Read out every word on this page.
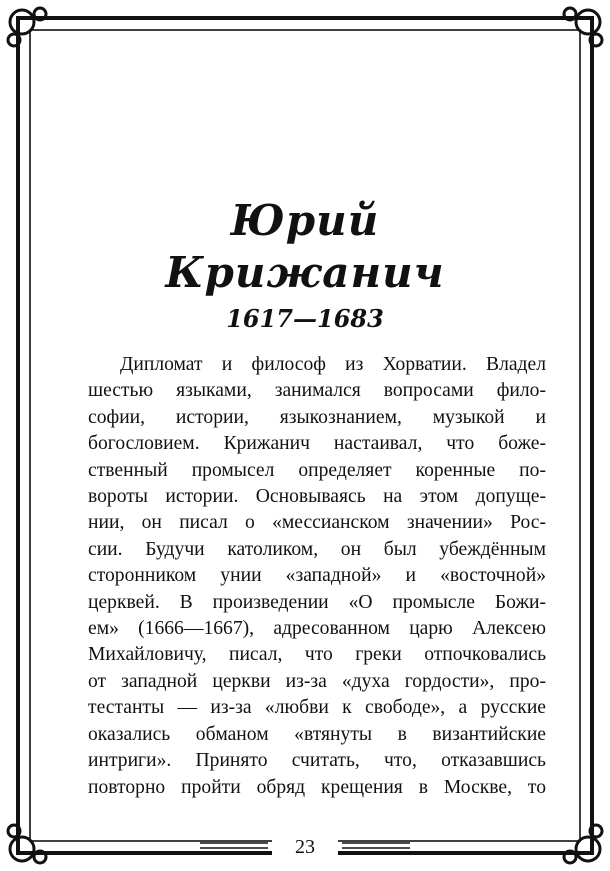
Юрий
Крижанич
1617—1683
Дипломат и философ из Хорватии. Владел
шестью языками, занимался вопросами фило-
софии, истории, языкознанием, музыкой и
богословием. Крижанич настаивал, что боже-
ственный промысел определяет коренные по-
вороты истории. Основываясь на этом допуще-
нии, он писал о «мессианском значении» Рос-
сии. Будучи католиком, он был убеждённым
сторонником унии «западной» и «восточной»
церквей. В произведении «О промысле Божи-
ем» (1666—1667), адресованном царю Алексею
Михайловичу, писал, что греки отпочковались
от западной церкви из-за «духа гордости», про-
тестанты — из-за «любви к свободе», а русские
оказались обманом «втянуты в византийские
интриги». Принято считать, что, отказавшись
повторно пройти обряд крещения в Москве, то
23
